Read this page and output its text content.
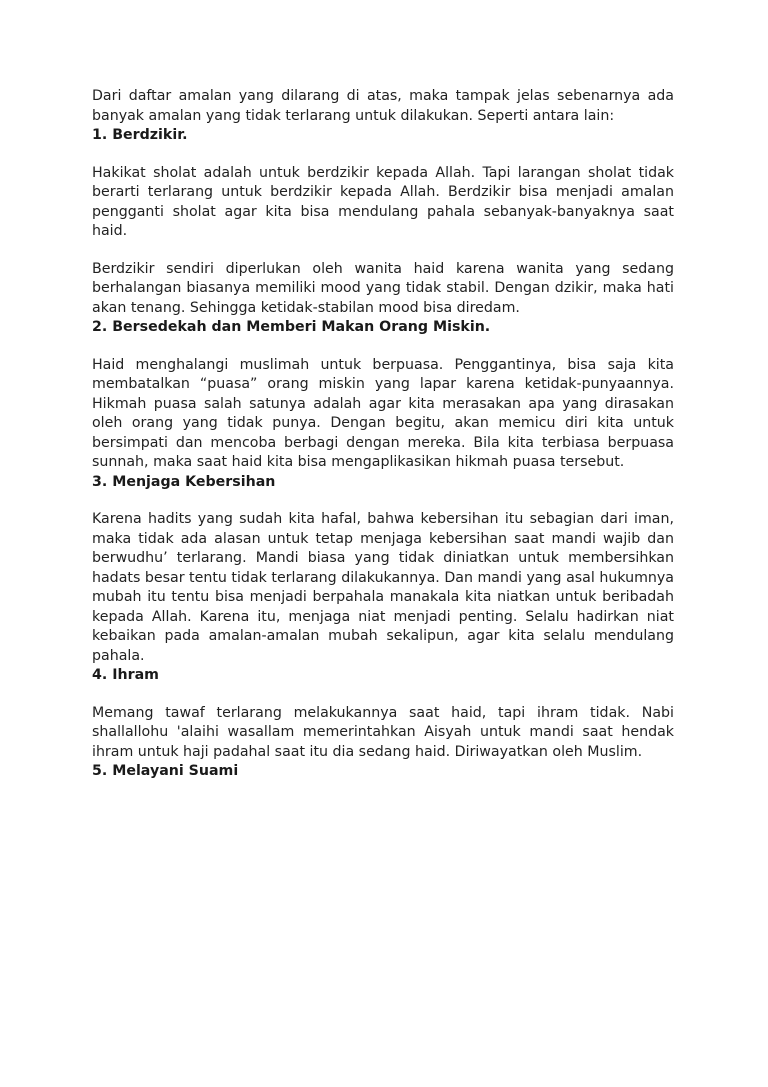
Dari daftar amalan yang dilarang di atas, maka tampak jelas sebenarnya ada banyak amalan yang tidak terlarang untuk dilakukan. Seperti antara lain:

1. Berdzikir.

Hakikat sholat adalah untuk berdzikir kepada Allah. Tapi larangan sholat tidak berarti terlarang untuk berdzikir kepada Allah. Berdzikir bisa menjadi amalan pengganti sholat agar kita bisa mendulang pahala sebanyak-banyaknya saat haid.

Berdzikir sendiri diperlukan oleh wanita haid karena wanita yang sedang berhalangan biasanya memiliki mood yang tidak stabil. Dengan dzikir, maka hati akan tenang. Sehingga ketidak-stabilan mood bisa diredam.

2. Bersedekah dan Memberi Makan Orang Miskin.

Haid menghalangi muslimah untuk berpuasa. Penggantinya, bisa saja kita membatalkan “puasa” orang miskin yang lapar karena ketidak-punyaannya. Hikmah puasa salah satunya adalah agar kita merasakan apa yang dirasakan oleh orang yang tidak punya. Dengan begitu, akan memicu diri kita untuk bersimpati dan mencoba berbagi dengan mereka. Bila kita terbiasa berpuasa sunnah, maka saat haid kita bisa mengaplikasikan hikmah puasa tersebut.

3. Menjaga Kebersihan

Karena hadits yang sudah kita hafal, bahwa kebersihan itu sebagian dari iman, maka tidak ada alasan untuk tetap menjaga kebersihan saat mandi wajib dan berwudhu’ terlarang. Mandi biasa yang tidak diniatkan untuk membersihkan hadats besar tentu tidak terlarang dilakukannya. Dan mandi yang asal hukumnya mubah itu tentu bisa menjadi berpahala manakala kita niatkan untuk beribadah kepada Allah. Karena itu, menjaga niat menjadi penting. Selalu hadirkan niat kebaikan pada amalan-amalan mubah sekalipun, agar kita selalu mendulang pahala.

4. Ihram

Memang tawaf terlarang melakukannya saat haid, tapi ihram tidak. Nabi shallallohu 'alaihi wasallam memerintahkan Aisyah untuk mandi saat hendak ihram untuk haji padahal saat itu dia sedang haid. Diriwayatkan oleh Muslim.

5. Melayani Suami
